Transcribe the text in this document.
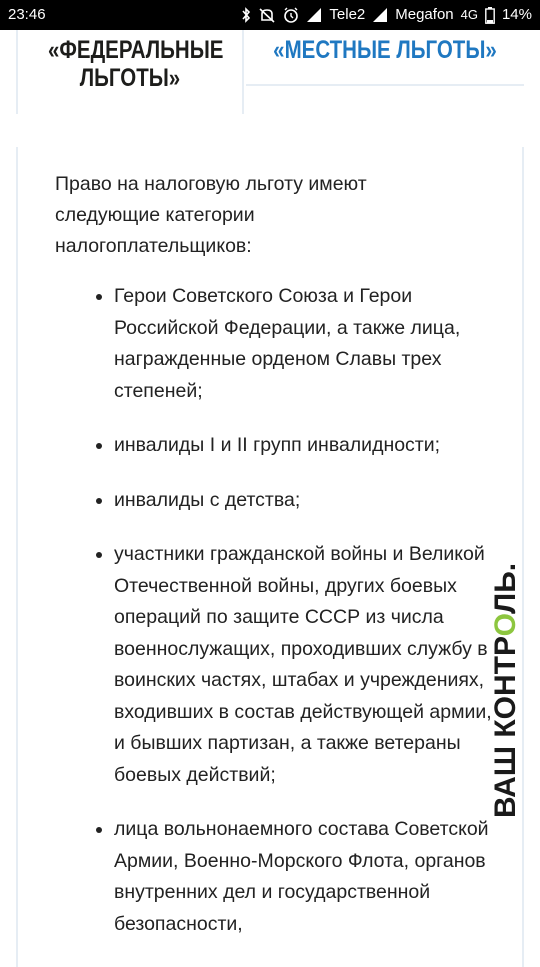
23:46	Tele2 Megafon 4G 14%
«ФЕДЕРАЛЬНЫЕ ЛЬГОТЫ»
«МЕСТНЫЕ ЛЬГОТЫ»

Право на налоговую льготу имеют следующие категории налогоплательщиков:

• Герои Советского Союза и Герои Российской Федерации, а также лица, награжденные орденом Славы трех степеней;
• инвалиды I и II групп инвалидности;
• инвалиды с детства;
• участники гражданской войны и Великой Отечественной войны, других боевых операций по защите СССР из числа военнослужащих, проходивших службу в воинских частях, штабах и учреждениях, входивших в состав действующей армии, и бывших партизан, а также ветераны боевых действий;
• лица вольнонаемного состава Советской Армии, Военно-Морского Флота, органов внутренних дел и государственной безопасности,
ВАШ КОНТРОЛЬ.
